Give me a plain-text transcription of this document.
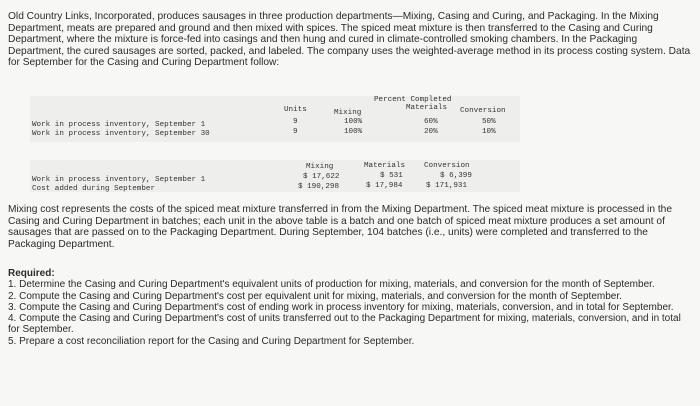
Old Country Links, Incorporated, produces sausages in three production departments—Mixing, Casing and Curing, and Packaging. In the Mixing Department, meats are prepared and ground and then mixed with spices. The spiced meat mixture is then transferred to the Casing and Curing Department, where the mixture is force-fed into casings and then hung and cured in climate-controlled smoking chambers. In the Packaging Department, the cured sausages are sorted, packed, and labeled. The company uses the weighted-average method in its process costing system. Data for September for the Casing and Curing Department follow:
Percent Completed
Units	Mixing
Materials Conversion
Work in process inventory, September 1	9	100%	60%	50%
Work in process inventory, September 30	9	100%	20%	10%
Mixing	Materials Conversion
Work in process inventory, September 1	$ 17,622	$ 531	$ 6,399
Cost added during September	$ 190,298	$ 17,984	$ 171,931
Mixing cost represents the costs of the spiced meat mixture transferred in from the Mixing Department. The spiced meat mixture is processed in the Casing and Curing Department in batches; each unit in the above table is a batch and one batch of spiced meat mixture produces a set amount of sausages that are passed on to the Packaging Department. During September, 104 batches (i.e., units) were completed and transferred to the Packaging Department.
Required:
1. Determine the Casing and Curing Department's equivalent units of production for mixing, materials, and conversion for the month of September.
2. Compute the Casing and Curing Department's cost per equivalent unit for mixing, materials, and conversion for the month of September.
3. Compute the Casing and Curing Department's cost of ending work in process inventory for mixing, materials, conversion, and in total for September.
4. Compute the Casing and Curing Department's cost of units transferred out to the Packaging Department for mixing, materials, conversion, and in total for September.
5. Prepare a cost reconciliation report for the Casing and Curing Department for September.
